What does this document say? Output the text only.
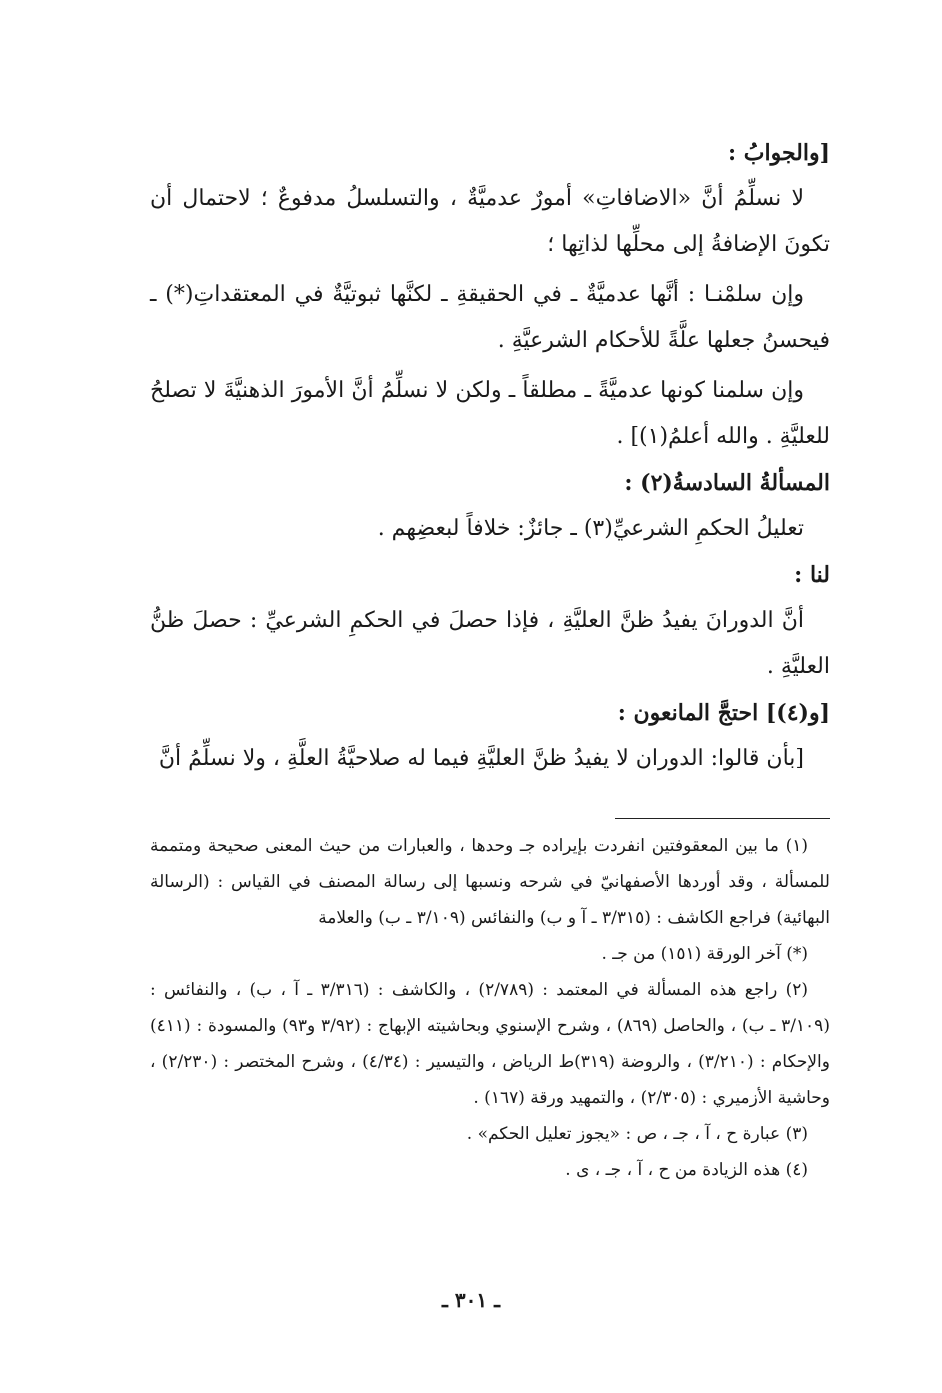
[والجوابُ :

لا نسلِّمُ أنَّ «الاضافاتِ» أمورٌ عدميَّةٌ ، والتسلسلُ مدفوعٌ ؛ لاحتمال أن تكونَ الإضافةُ إلى محلِّها لذاتِها ؛

وإن سلمْنـا : أنَّها عدميَّةٌ ـ في الحقيقةِ ـ لكنَّها ثبوتيَّةٌ في المعتقداتِ(*) ـ فيحسنُ جعلها علَّةً للأحكام الشرعيَّةِ .

وإن سلمنا كونها عدميَّةً ـ مطلقاً ـ ولكن لا نسلِّمُ أنَّ الأمورَ الذهنيَّةَ لا تصلحُ للعليَّةِ . والله أعلمُ(١)] .

المسألةُ السادسةُ(٢) :

تعليلُ الحكمِ الشرعيِّ(٣) ـ جائزٌ: خلافاً لبعضِهم .

لنا :

أنَّ الدورانَ يفيدُ ظنَّ العليَّةِ ، فإذا حصلَ في الحكمِ الشرعيِّ : حصلَ ظنُّ العليَّةِ .

[و(٤)] احتجَّ المانعون :

[بأن قالوا: الدوران لا يفيدُ ظنَّ العليَّةِ فيما له صلاحيَّةُ العلَّةِ ، ولا نسلِّمُ أنَّ

(١) ما بين المعقوفتين انفردت بإيراده جـ وحدها ، والعبارات من حيث المعنى صحيحة ومتممة للمسألة ، وقد أوردها الأصفهانيّ في شرحه ونسبها إلى رسالة المصنف في القياس : (الرسالة البهائية) فراجع الكاشف : (٣/٣١٥ ـ آ و ب) والنفائس (٣/١٠٩ ـ ب) والعلامة

(*) آخر الورقة (١٥١) من جـ .

(٢) راجع هذه المسألة في المعتمد : (٢/٧٨٩) ، والكاشف : (٣/٣١٦ ـ آ ، ب) ، والنفائس : (٣/١٠٩ ـ ب) ، والحاصل (٨٦٩) ، وشرح الإسنوي وبحاشيته الإبهاج : (٣/٩٢ و٩٣) والمسودة : (٤١١) والإحكام : (٣/٢١٠) ، والروضة (٣١٩)ط الرياض ، والتيسير : (٤/٣٤) ، وشرح المختصر : (٢/٢٣٠) ، وحاشية الأزميري : (٢/٣٠٥) ، والتمهيد ورقة (١٦٧) .

(٣) عبارة ح ، آ ، جـ ، ص : «يجوز تعليل الحكم» .

(٤) هذه الزيادة من ح ، آ ، جـ ، ى .

ـ ٣٠١ ـ
